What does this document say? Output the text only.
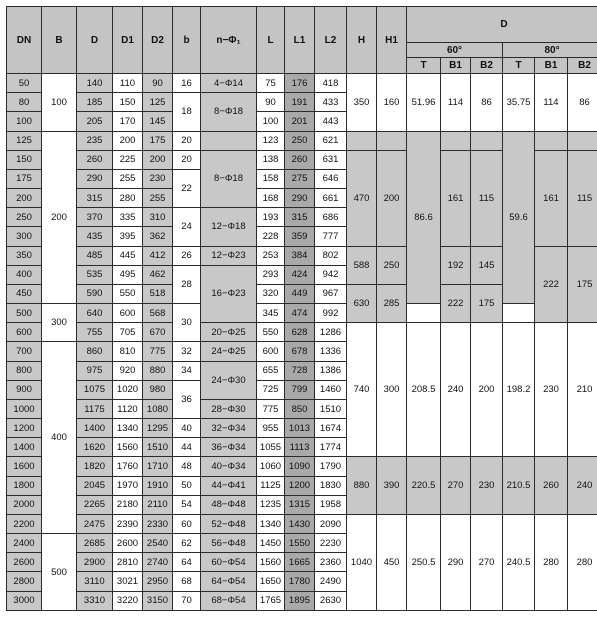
DN	B	D	D1	D2	b	n−Φ₁	L	L1	L2	H	H1	D					
												60°			80°		
												T	B1	B2	T	B1	B2
50	100	140	110	90	16	4−Φ14	75	176	418	350	160	51.96	114	86	35.75	114	86
80		185	150	125	18	8−Φ18	90	191	433								
100		205	170	145			100	201	443								
125	200	235	200	175	20		123	250	621			86.6			59.6		
150		260	225	200	20	8−Φ18	138	260	631	470	200		161	115		161	115
175		290	255	230	22		158	275	646								
200		315	280	255			168	290	661								
250		370	335	310	24	12−Φ18	193	315	686								
300		435	395	362			228	359	777								
350		485	445	412	26	12−Φ23	253	384	802	588	250		192	145		222	175
400		535	495	462	28	16−Φ23	293	424	942								
450		590	550	518			320	449	967	630	285		222	175			
500	300	640	600	568	30		345	474	992								
600		755	705	670		20−Φ25	550	628	1286	740	300	208.5	240	200	198.2	230	210
700	400	860	810	775	32	24−Φ25	600	678	1336								
800		975	920	880	34	24−Φ30	655	728	1386								
900		1075	1020	980	36		725	799	1460								
1000		1175	1120	1080		28−Φ30	775	850	1510								
1200		1400	1340	1295	40	32−Φ34	955	1013	1674								
1400		1620	1560	1510	44	36−Φ34	1055	1113	1774								
1600		1820	1760	1710	48	40−Φ34	1060	1090	1790	880	390	220.5	270	230	210.5	260	240
1800		2045	1970	1910	50	44−Φ41	1125	1200	1830								
2000		2265	2180	2110	54	48−Φ48	1235	1315	1958								
2200		2475	2390	2330	60	52−Φ48	1340	1430	2090	1040	450	250.5	290	270	240.5	280	280
2400	500	2685	2600	2540	62	56−Φ48	1450	1550	2230								
2600		2900	2810	2740	64	60−Φ54	1560	1665	2360								
2800		3110	3021	2950	68	64−Φ54	1650	1780	2490								
3000		3310	3220	3150	70	68−Φ54	1765	1895	2630								
